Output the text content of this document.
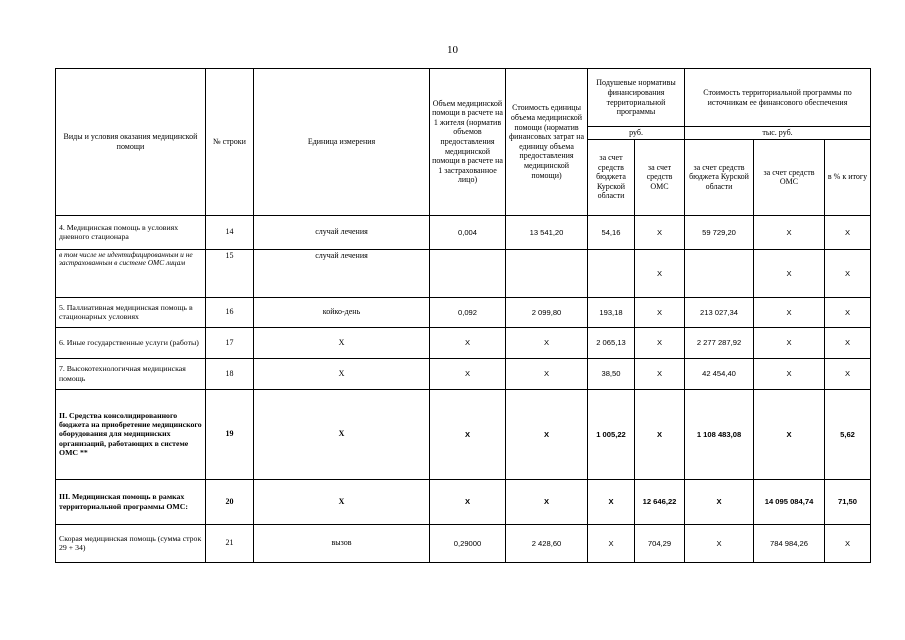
10
Виды и условия оказания медицинской помощи	№ строки	Единица измерения	Объем медицинской помощи в расчете на 1 жителя (норматив объемов предоставления медицинской помощи в расчете на 1 застрахованное лицо)	Стоимость единицы объема медицинской помощи (норматив финансовых затрат на единицу объема предоставления медицинской помощи)	Подушевые нормативы финансирования территориальной программы		Стоимость территориальной программы по источникам ее финансового обеспечения		
					руб.		тыс. руб.		
					за счет средств бюджета Курской области	за счет средств ОМС	за счет средств бюджета Курской области	за счет средств ОМС	в % к итогу
4. Медицинская помощь в условиях дневного стационара	14	случай лечения	0,004	13 541,20	54,16	X	59 729,20	X	X
в том числе не идентифицированным и не застрахованным в системе ОМС лицам	15	случай лечения				X		X	X
5. Паллиативная медицинская помощь в стационарных условиях	16	койко-день	0,092	2 099,80	193,18	X	213 027,34	X	X
6. Иные государственные услуги (работы)	17	X	X	X	2 065,13	X	2 277 287,92	X	X
7. Высокотехнологичная медицинская помощь	18	X	X	X	38,50	X	42 454,40	X	X
II. Средства консолидированного бюджета на приобретение медицинского оборудования для медицинских организаций, работающих в системе ОМС **	19	X	X	X	1 005,22	X	1 108 483,08	X	5,62
III. Медицинская помощь в рамках территориальной программы ОМС:	20	X	X	X	X	12 646,22	X	14 095 084,74	71,50
Скорая медицинская помощь (сумма строк 29 + 34)	21	вызов	0,29000	2 428,60	X	704,29	X	784 984,26	X
